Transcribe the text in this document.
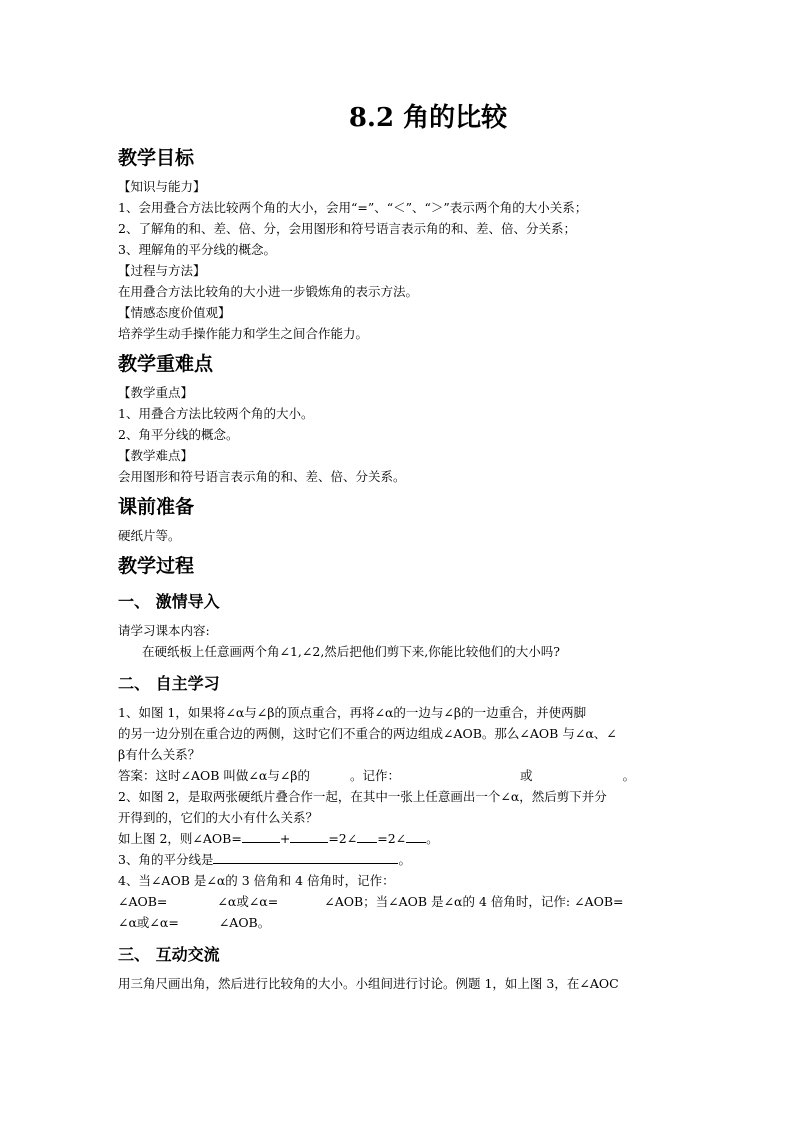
8.2 角的比较
教学目标

【知识与能力】

1、会用叠合方法比较两个角的大小，会用“=”、“＜”、“＞”表示两个角的大小关系；

2、了解角的和、差、倍、分，会用图形和符号语言表示角的和、差、倍、分关系；

3、理解角的平分线的概念。

【过程与方法】

在用叠合方法比较角的大小进一步锻炼角的表示方法。

【情感态度价值观】

培养学生动手操作能力和学生之间合作能力。

教学重难点

【教学重点】

1、用叠合方法比较两个角的大小。

2、角平分线的概念。

【教学难点】

会用图形和符号语言表示角的和、差、倍、分关系。

课前准备

硬纸片等。

教学过程
一、 激情导入

请学习课本内容:

在硬纸板上任意画两个角∠1,∠2,然后把他们剪下来,你能比较他们的大小吗?

二、 自主学习

1、如图 1，如果将∠α与∠β的顶点重合，再将∠α的一边与∠β的一边重合，并使两脚

的另一边分别在重合边的两侧，这时它们不重合的两边组成∠AOB。那么∠AOB 与∠α、∠

β有什么关系？

答案：这时∠AOB 叫做∠α与∠β的	。记作：	或	。

2、如图 2，是取两张硬纸片叠合作一起，在其中一张上任意画出一个∠α，然后剪下并分

开得到的，它们的大小有什么关系？

如上图 2，则∠AOB=	+	=2∠ =2∠ 。

3、角的平分线是	。

4、当∠AOB 是∠α的 3 倍角和 4 倍角时，记作：

∠AOB=	∠α或∠α=	∠AOB；当∠AOB 是∠α的 4 倍角时，记作: ∠AOB=

∠α或∠α=	∠AOB。

三、 互动交流

用三角尺画出角，然后进行比较角的大小。小组间进行讨论。例题 1，如上图 3，在∠AOC
